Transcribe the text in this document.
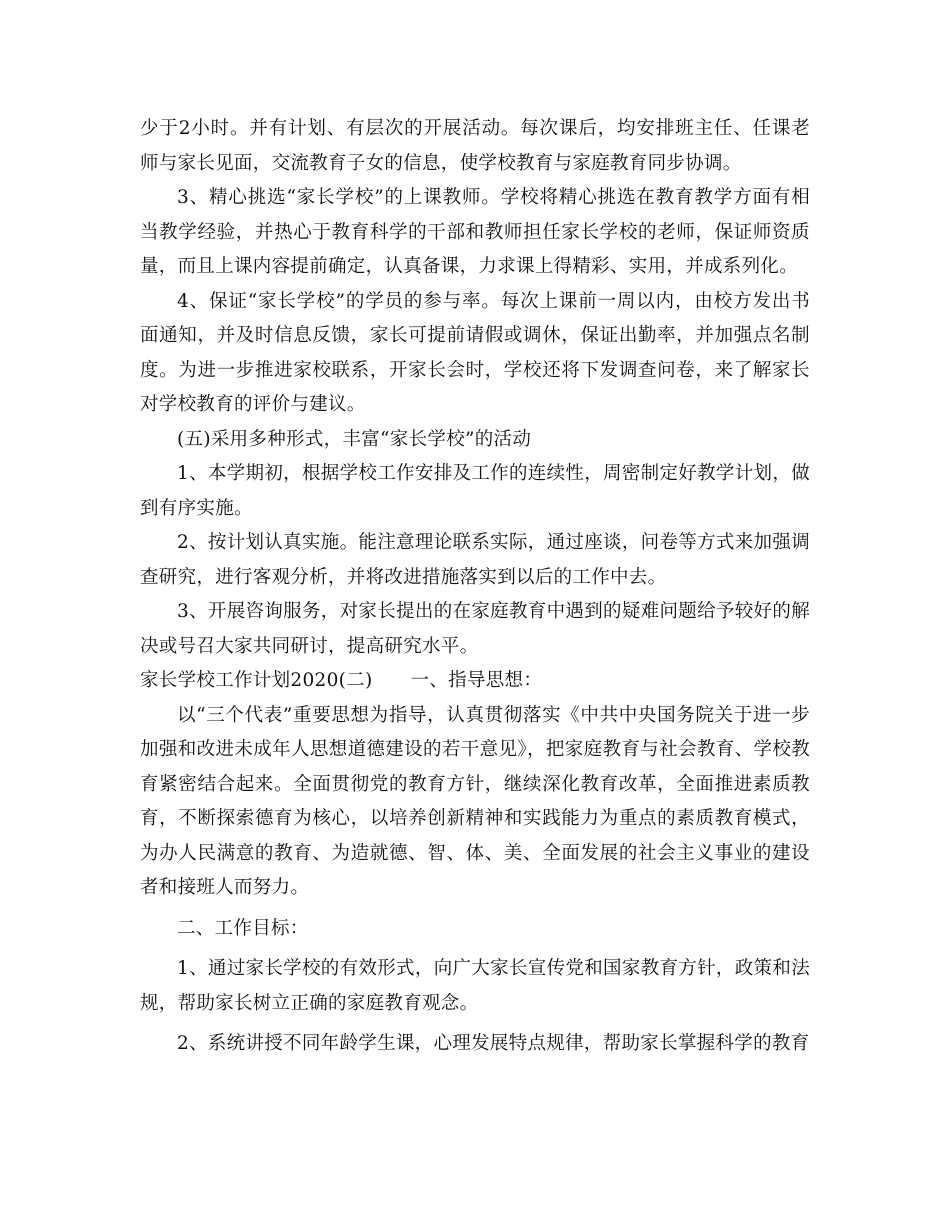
少于2小时。并有计划、有层次的开展活动。每次课后，均安排班主任、任课老师与家长见面，交流教育子女的信息，使学校教育与家庭教育同步协调。

3、精心挑选“家长学校”的上课教师。学校将精心挑选在教育教学方面有相当教学经验，并热心于教育科学的干部和教师担任家长学校的老师，保证师资质量，而且上课内容提前确定，认真备课，力求课上得精彩、实用，并成系列化。

4、保证“家长学校”的学员的参与率。每次上课前一周以内，由校方发出书面通知，并及时信息反馈，家长可提前请假或调休，保证出勤率，并加强点名制度。为进一步推进家校联系，开家长会时，学校还将下发调查问卷，来了解家长对学校教育的评价与建议。

(五)采用多种形式，丰富“家长学校”的活动

1、本学期初，根据学校工作安排及工作的连续性，周密制定好教学计划，做到有序实施。

2、按计划认真实施。能注意理论联系实际，通过座谈，问卷等方式来加强调查研究，进行客观分析，并将改进措施落实到以后的工作中去。

3、开展咨询服务，对家长提出的在家庭教育中遇到的疑难问题给予较好的解决或号召大家共同研讨，提高研究水平。

家长学校工作计划2020(二) 一、指导思想：

以“三个代表”重要思想为指导，认真贯彻落实《中共中央国务院关于进一步加强和改进未成年人思想道德建设的若干意见》，把家庭教育与社会教育、学校教育紧密结合起来。全面贯彻党的教育方针，继续深化教育改革，全面推进素质教育，不断探索德育为核心，以培养创新精神和实践能力为重点的素质教育模式，为办人民满意的教育、为造就德、智、体、美、全面发展的社会主义事业的建设者和接班人而努力。

二、工作目标：

1、通过家长学校的有效形式，向广大家长宣传党和国家教育方针，政策和法规，帮助家长树立正确的家庭教育观念。

2、系统讲授不同年龄学生课，心理发展特点规律，帮助家长掌握科学的教育
